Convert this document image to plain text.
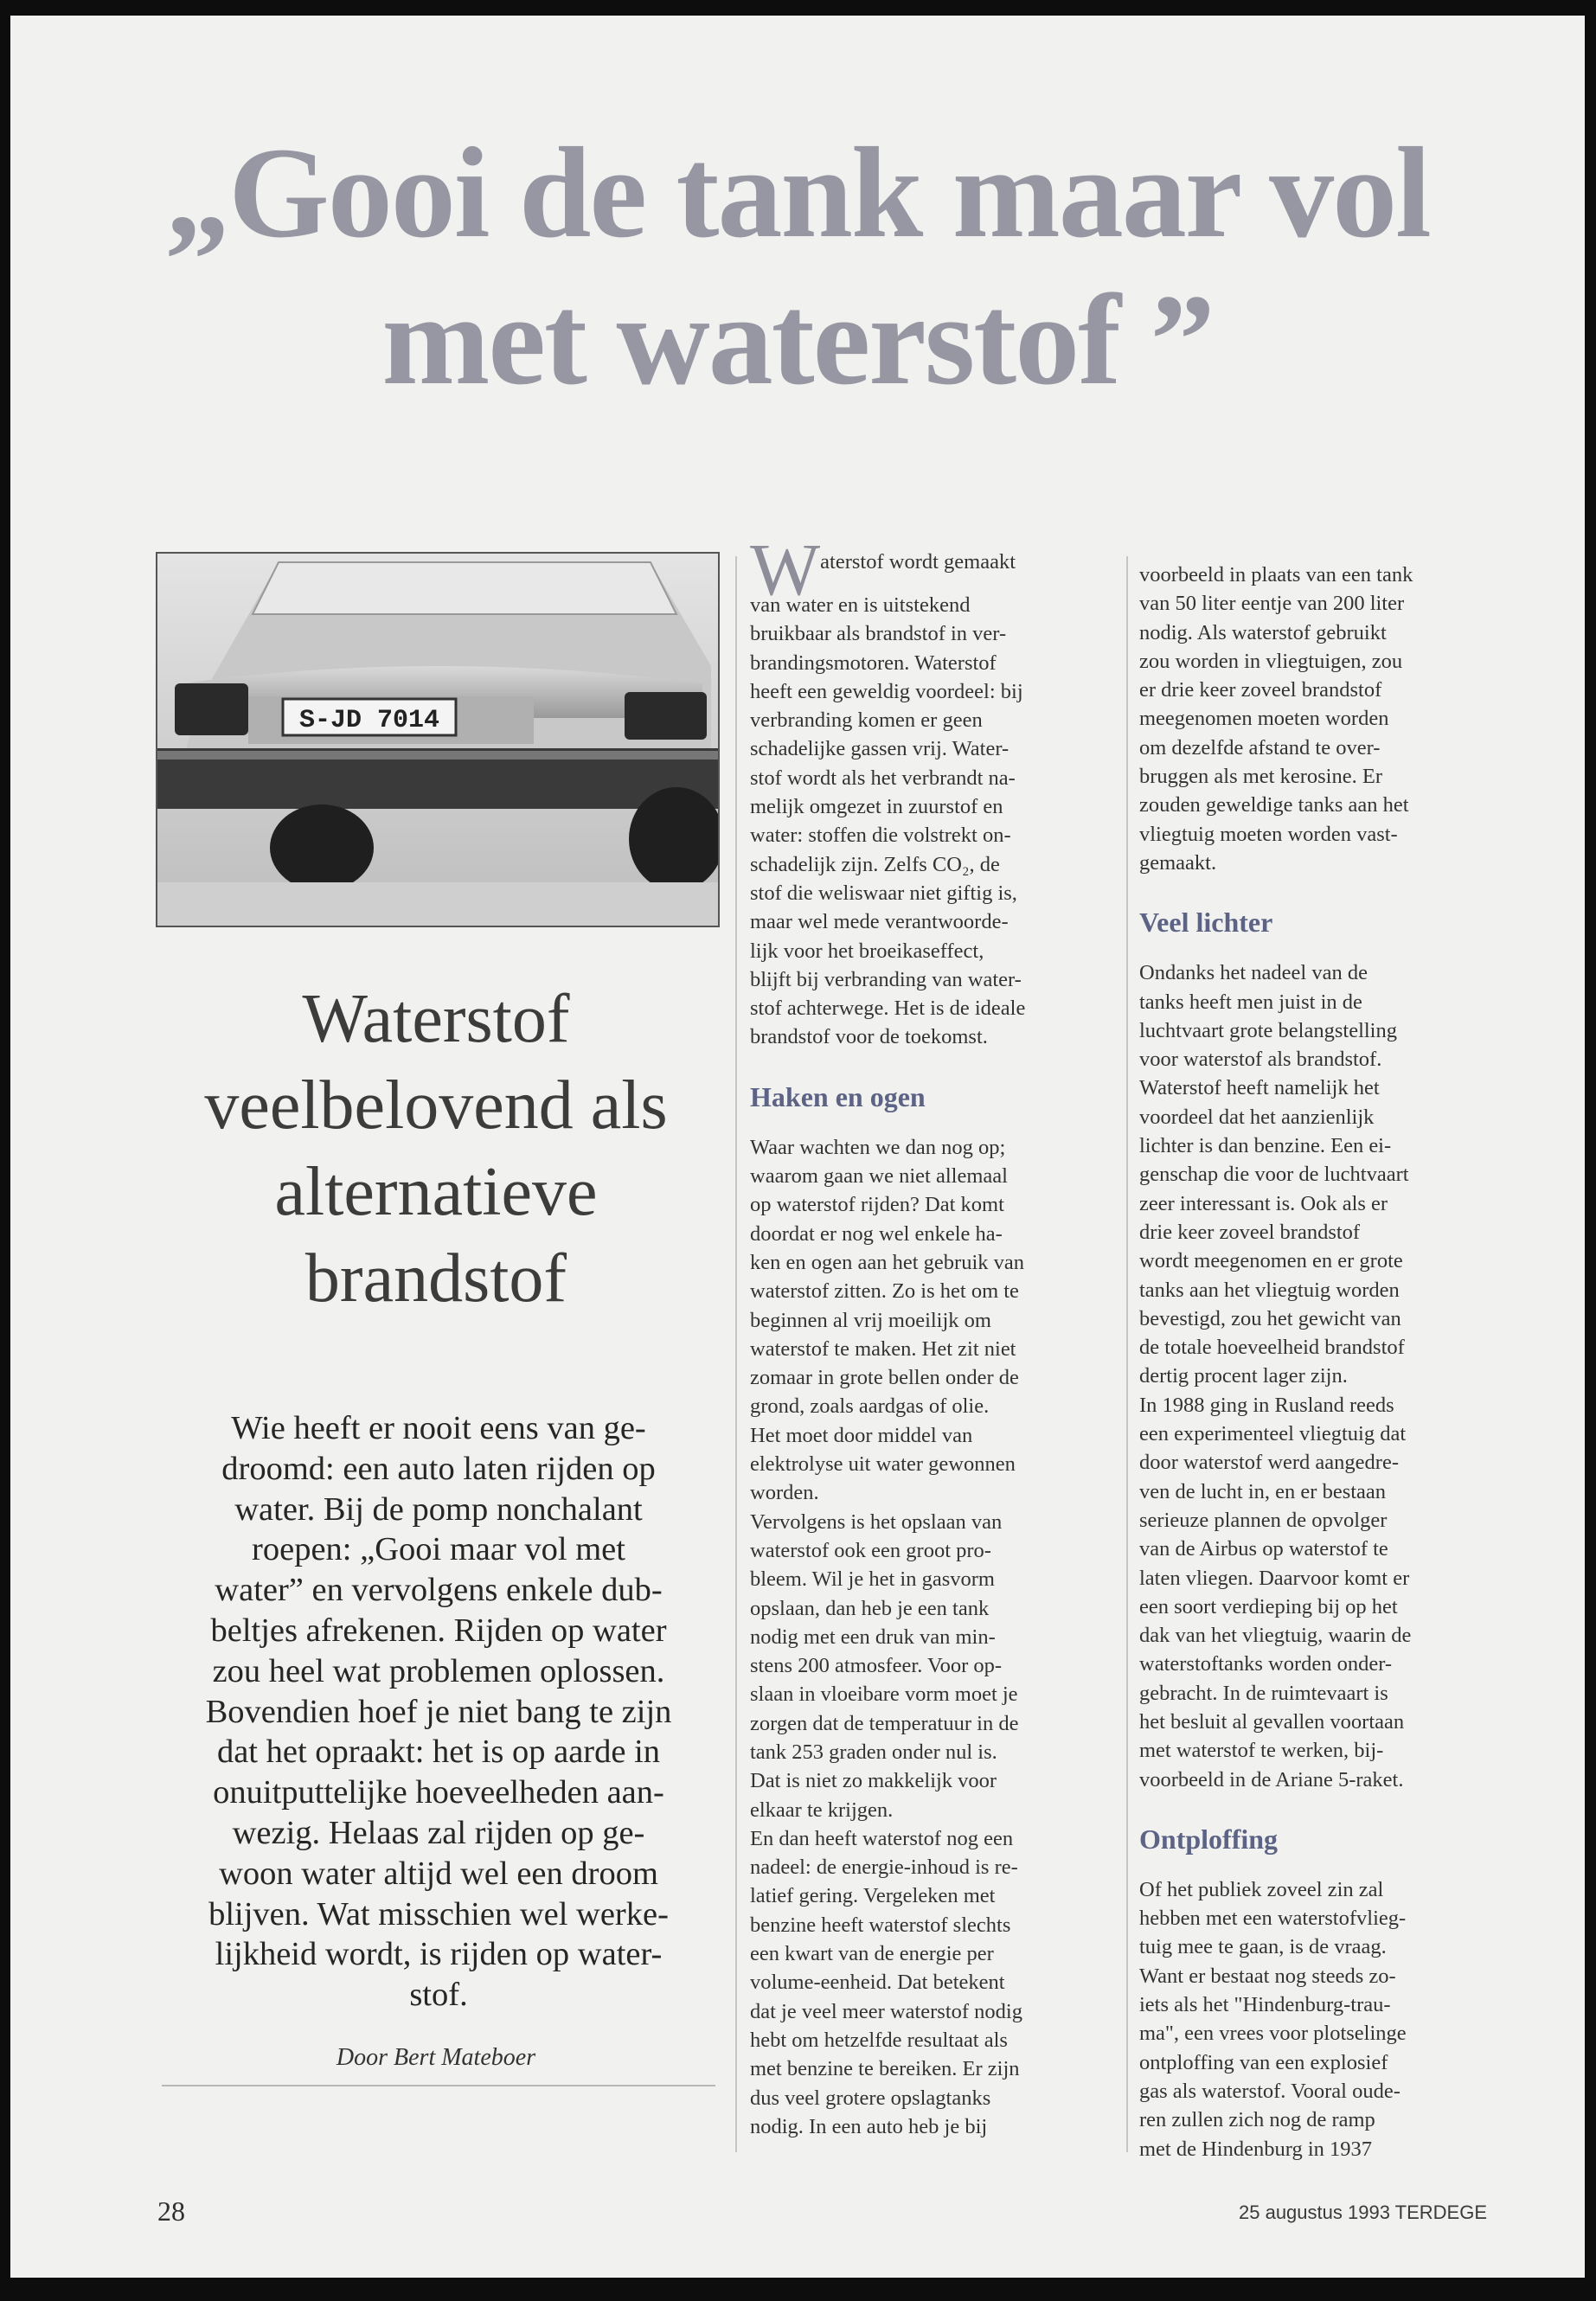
„Gooi de tank maar vol
met waterstof ”
S-JD 7014
Waterstof
veelbelovend als
alternatieve
brandstof
Wie heeft er nooit eens van ge-
droomd: een auto laten rijden op
water. Bij de pomp nonchalant
roepen: „Gooi maar vol met
water” en vervolgens enkele dub-
beltjes afrekenen. Rijden op water
zou heel wat problemen oplossen.
Bovendien hoef je niet bang te zijn
dat het opraakt: het is op aarde in
onuitputtelijke hoeveelheden aan-
wezig. Helaas zal rijden op ge-
woon water altijd wel een droom
blijven. Wat misschien wel werke-
lijkheid wordt, is rijden op water-
stof.
Door Bert Mateboer
Waterstof wordt gemaakt
van water en is uitstekend
bruikbaar als brandstof in ver-
brandingsmotoren. Waterstof
heeft een geweldig voordeel: bij
verbranding komen er geen
schadelijke gassen vrij. Water-
stof wordt als het verbrandt na-
melijk omgezet in zuurstof en
water: stoffen die volstrekt on-
schadelijk zijn. Zelfs CO₂, de
stof die weliswaar niet giftig is,
maar wel mede verantwoorde-
lijk voor het broeikaseffect,
blijft bij verbranding van water-
stof achterwege. Het is de ideale
brandstof voor de toekomst.
Haken en ogen
Waar wachten we dan nog op;
waarom gaan we niet allemaal
op waterstof rijden? Dat komt
doordat er nog wel enkele ha-
ken en ogen aan het gebruik van
waterstof zitten. Zo is het om te
beginnen al vrij moeilijk om
waterstof te maken. Het zit niet
zomaar in grote bellen onder de
grond, zoals aardgas of olie.
Het moet door middel van
elektrolyse uit water gewonnen
worden.
Vervolgens is het opslaan van
waterstof ook een groot pro-
bleem. Wil je het in gasvorm
opslaan, dan heb je een tank
nodig met een druk van min-
stens 200 atmosfeer. Voor op-
slaan in vloeibare vorm moet je
zorgen dat de temperatuur in de
tank 253 graden onder nul is.
Dat is niet zo makkelijk voor
elkaar te krijgen.
En dan heeft waterstof nog een
nadeel: de energie-inhoud is re-
latief gering. Vergeleken met
benzine heeft waterstof slechts
een kwart van de energie per
volume-eenheid. Dat betekent
dat je veel meer waterstof nodig
hebt om hetzelfde resultaat als
met benzine te bereiken. Er zijn
dus veel grotere opslagtanks
nodig. In een auto heb je bij
voorbeeld in plaats van een tank
van 50 liter eentje van 200 liter
nodig. Als waterstof gebruikt
zou worden in vliegtuigen, zou
er drie keer zoveel brandstof
meegenomen moeten worden
om dezelfde afstand te over-
bruggen als met kerosine. Er
zouden geweldige tanks aan het
vliegtuig moeten worden vast-
gemaakt.
Veel lichter
Ondanks het nadeel van de
tanks heeft men juist in de
luchtvaart grote belangstelling
voor waterstof als brandstof.
Waterstof heeft namelijk het
voordeel dat het aanzienlijk
lichter is dan benzine. Een ei-
genschap die voor de luchtvaart
zeer interessant is. Ook als er
drie keer zoveel brandstof
wordt meegenomen en er grote
tanks aan het vliegtuig worden
bevestigd, zou het gewicht van
de totale hoeveelheid brandstof
dertig procent lager zijn.
In 1988 ging in Rusland reeds
een experimenteel vliegtuig dat
door waterstof werd aangedre-
ven de lucht in, en er bestaan
serieuze plannen de opvolger
van de Airbus op waterstof te
laten vliegen. Daarvoor komt er
een soort verdieping bij op het
dak van het vliegtuig, waarin de
waterstoftanks worden onder-
gebracht. In de ruimtevaart is
het besluit al gevallen voortaan
met waterstof te werken, bij-
voorbeeld in de Ariane 5-raket.
Ontploffing
Of het publiek zoveel zin zal
hebben met een waterstofvlieg-
tuig mee te gaan, is de vraag.
Want er bestaat nog steeds zo-
iets als het "Hindenburg-trau-
ma", een vrees voor plotselinge
ontploffing van een explosief
gas als waterstof. Vooral oude-
ren zullen zich nog de ramp
met de Hindenburg in 1937
28	25 augustus 1993 TERDEGE
